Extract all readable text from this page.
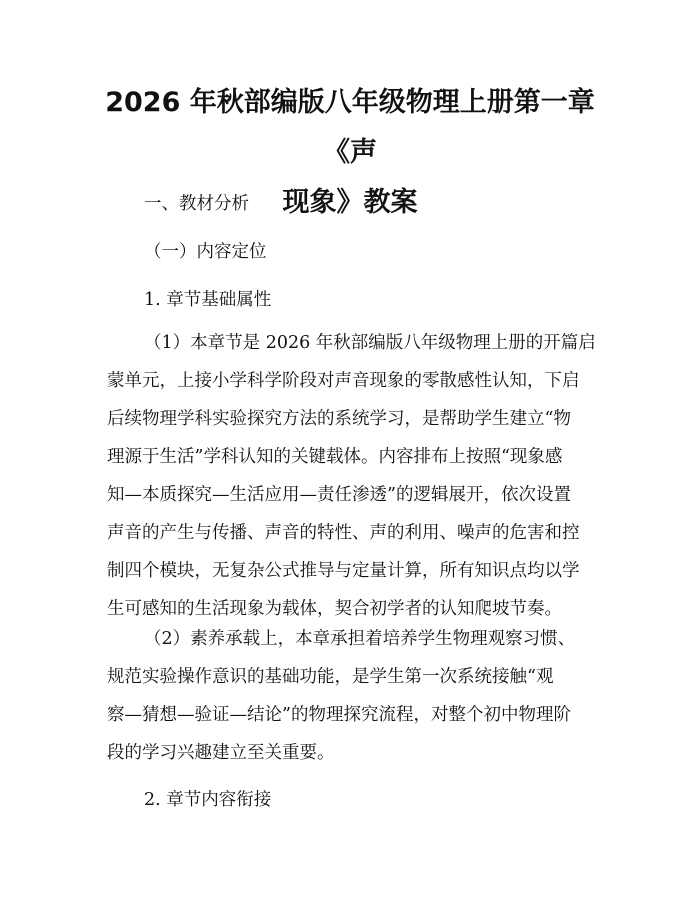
2026 年秋部编版八年级物理上册第一章《声
现象》教案

一、教材分析

（一）内容定位

1. 章节基础属性

（1）本章节是 2026 年秋部编版八年级物理上册的开篇启
蒙单元，上接小学科学阶段对声音现象的零散感性认知，下启
后续物理学科实验探究方法的系统学习，是帮助学生建立“物
理源于生活”学科认知的关键载体。内容排布上按照“现象感
知—本质探究—生活应用—责任渗透”的逻辑展开，依次设置
声音的产生与传播、声音的特性、声的利用、噪声的危害和控
制四个模块，无复杂公式推导与定量计算，所有知识点均以学
生可感知的生活现象为载体，契合初学者的认知爬坡节奏。
（2）素养承载上，本章承担着培养学生物理观察习惯、
规范实验操作意识的基础功能，是学生第一次系统接触“观
察—猜想—验证—结论”的物理探究流程，对整个初中物理阶
段的学习兴趣建立至关重要。

2. 章节内容衔接
